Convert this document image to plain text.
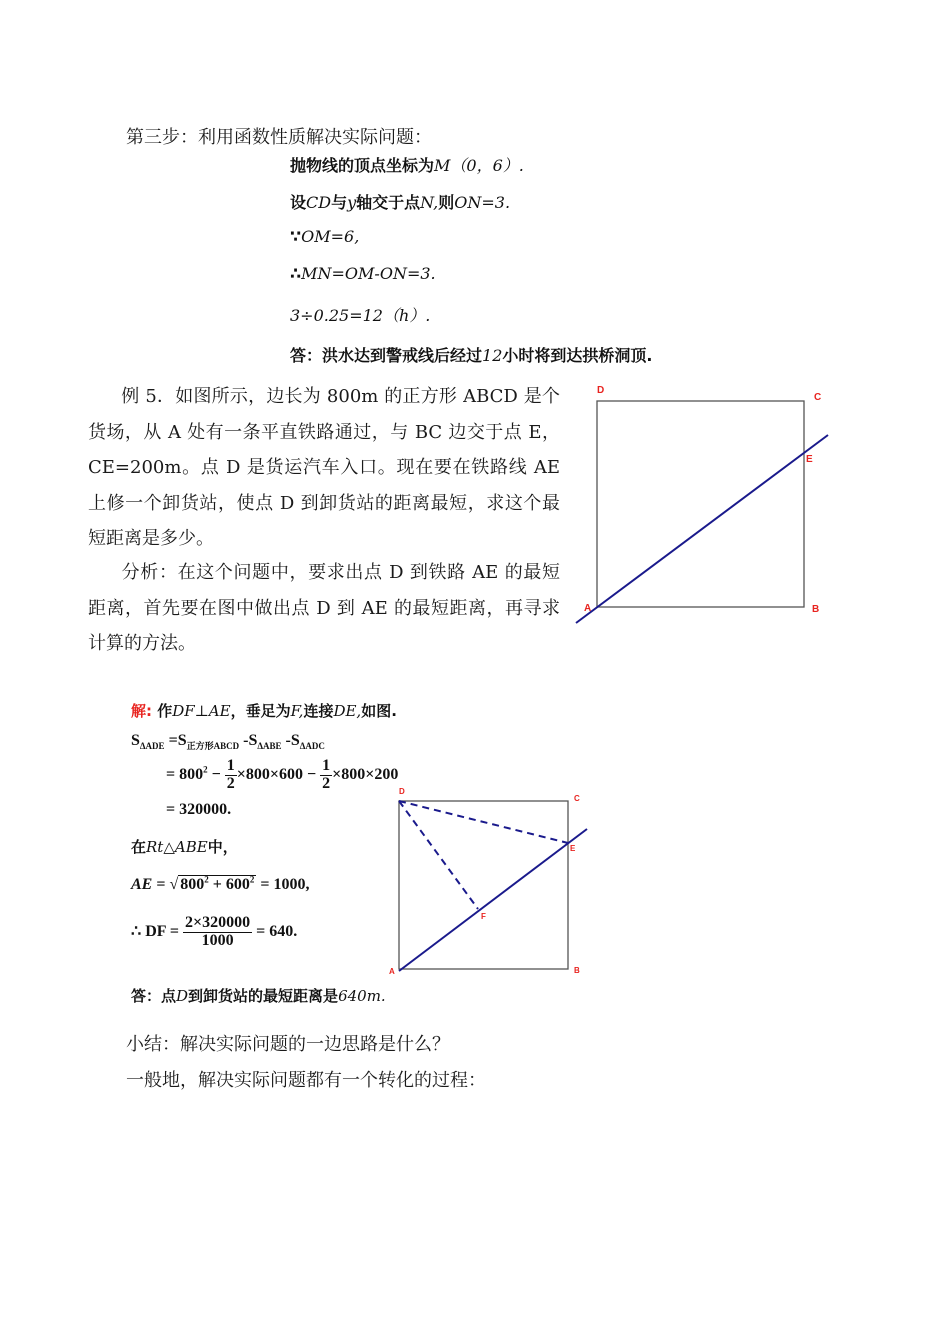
第三步：利用函数性质解决实际问题：
抛物线的顶点坐标为M（0，6）.
设CD与y轴交于点N,则ON=3.
∵OM=6,
∴MN=OM-ON=3.
3÷0.25=12（h）.
答：洪水达到警戒线后经过12小时将到达拱桥洞顶.
例 5．如图所示，边长为 800m 的正方形 ABCD 是个货场，从 A 处有一条平直铁路通过，与 BC 边交于点 E，CE=200m。点 D 是货运汽车入口。现在要在铁路线 AE 上修一个卸货站，使点 D 到卸货站的距离最短，求这个最短距离是多少。
分析：在这个问题中，要求出点 D 到铁路 AE 的最短距离，首先要在图中做出点 D 到 AE 的最短距离，再寻求计算的方法。
D
C
E
A	B
解: 作DF⊥AE，垂足为F,连接DE,如图.
$S_{\Delta ADE} =S_{正方形ABCD}$ $-S_{\Delta ABE}$ $-S_{\Delta ADC}$
= $800^2 - \frac{1}{2} \times 800\times 600 - \frac{1}{2} \times 800\times 200$
= 320000.
在Rt△ABE中，
AE = √ $800^2 + 600^2 = 1000$,
∴ DF = $\frac{2\times 320000}{1000} = 640$.
答：点D到卸货站的最短距离是640m.
D
C
E
F
A	B
小结：解决实际问题的一边思路是什么？
一般地，解决实际问题都有一个转化的过程：
